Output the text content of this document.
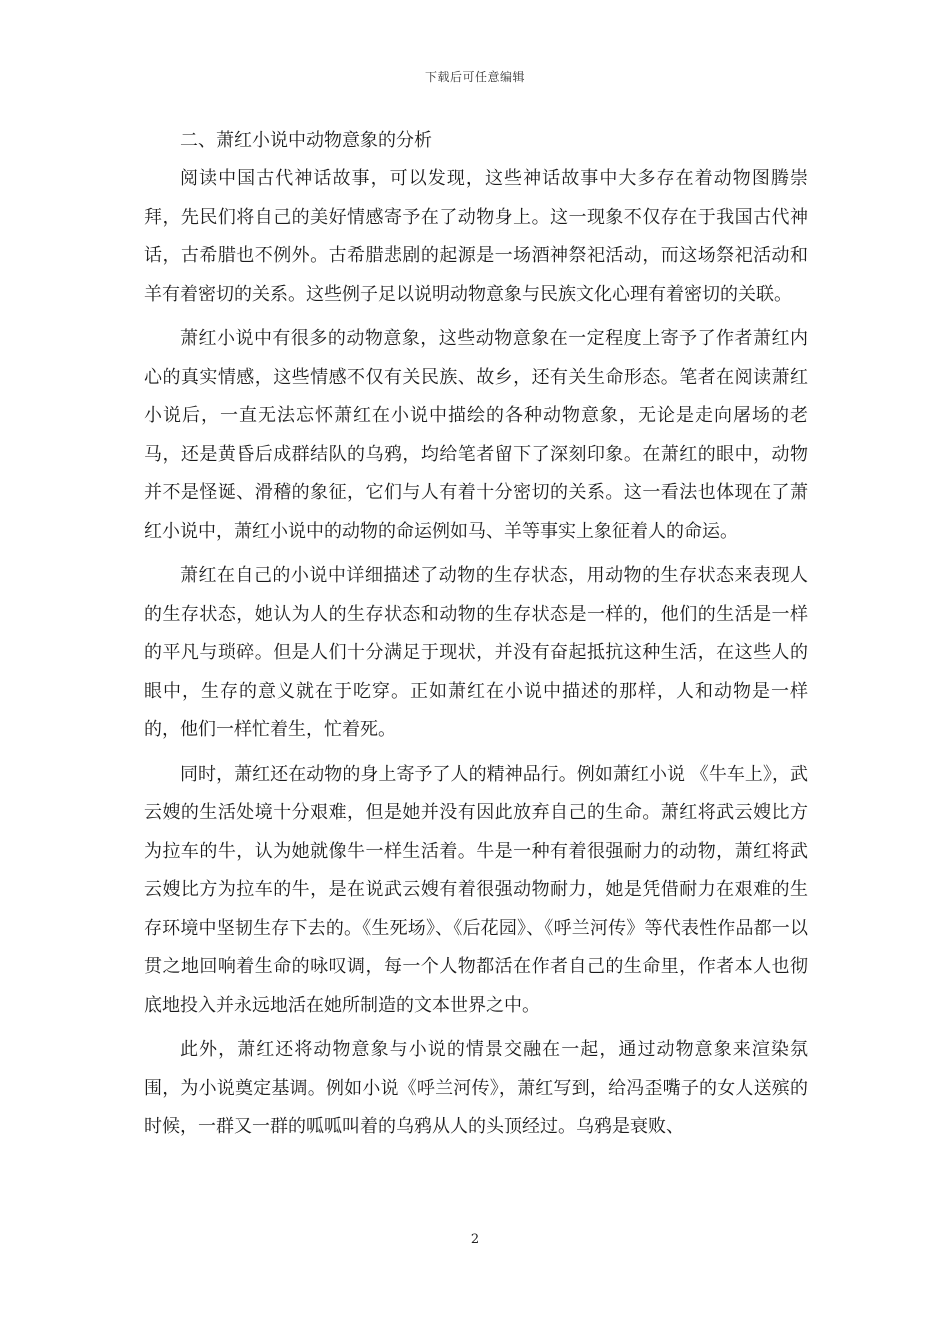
下载后可任意编辑

二、萧红小说中动物意象的分析

阅读中国古代神话故事，可以发现，这些神话故事中大多存在着动物图腾崇拜，先民们将自己的美好情感寄予在了动物身上。这一现象不仅存在于我国古代神话，古希腊也不例外。古希腊悲剧的起源是一场酒神祭祀活动，而这场祭祀活动和羊有着密切的关系。这些例子足以说明动物意象与民族文化心理有着密切的关联。

萧红小说中有很多的动物意象，这些动物意象在一定程度上寄予了作者萧红内心的真实情感，这些情感不仅有关民族、故乡，还有关生命形态。笔者在阅读萧红小说后，一直无法忘怀萧红在小说中描绘的各种动物意象，无论是走向屠场的老马，还是黄昏后成群结队的乌鸦，均给笔者留下了深刻印象。在萧红的眼中，动物并不是怪诞、滑稽的象征，它们与人有着十分密切的关系。这一看法也体现在了萧红小说中，萧红小说中的动物的命运例如马、羊等事实上象征着人的命运。

萧红在自己的小说中详细描述了动物的生存状态，用动物的生存状态来表现人的生存状态，她认为人的生存状态和动物的生存状态是一样的，他们的生活是一样的平凡与琐碎。但是人们十分满足于现状，并没有奋起抵抗这种生活，在这些人的眼中，生存的意义就在于吃穿。正如萧红在小说中描述的那样，人和动物是一样的，他们一样忙着生，忙着死。

同时，萧红还在动物的身上寄予了人的精神品行。例如萧红小说 《牛车上》，武云嫂的生活处境十分艰难，但是她并没有因此放弃自己的生命。萧红将武云嫂比方为拉车的牛，认为她就像牛一样生活着。牛是一种有着很强耐力的动物，萧红将武云嫂比方为拉车的牛，是在说武云嫂有着很强动物耐力，她是凭借耐力在艰难的生存环境中坚韧生存下去的。《生死场》、《后花园》、《呼兰河传》等代表性作品都一以贯之地回响着生命的咏叹调，每一个人物都活在作者自己的生命里，作者本人也彻底地投入并永远地活在她所制造的文本世界之中。

此外，萧红还将动物意象与小说的情景交融在一起，通过动物意象来渲染氛围，为小说奠定基调。例如小说《呼兰河传》，萧红写到，给冯歪嘴子的女人送殡的时候，一群又一群的呱呱叫着的乌鸦从人的头顶经过。乌鸦是衰败、

2
